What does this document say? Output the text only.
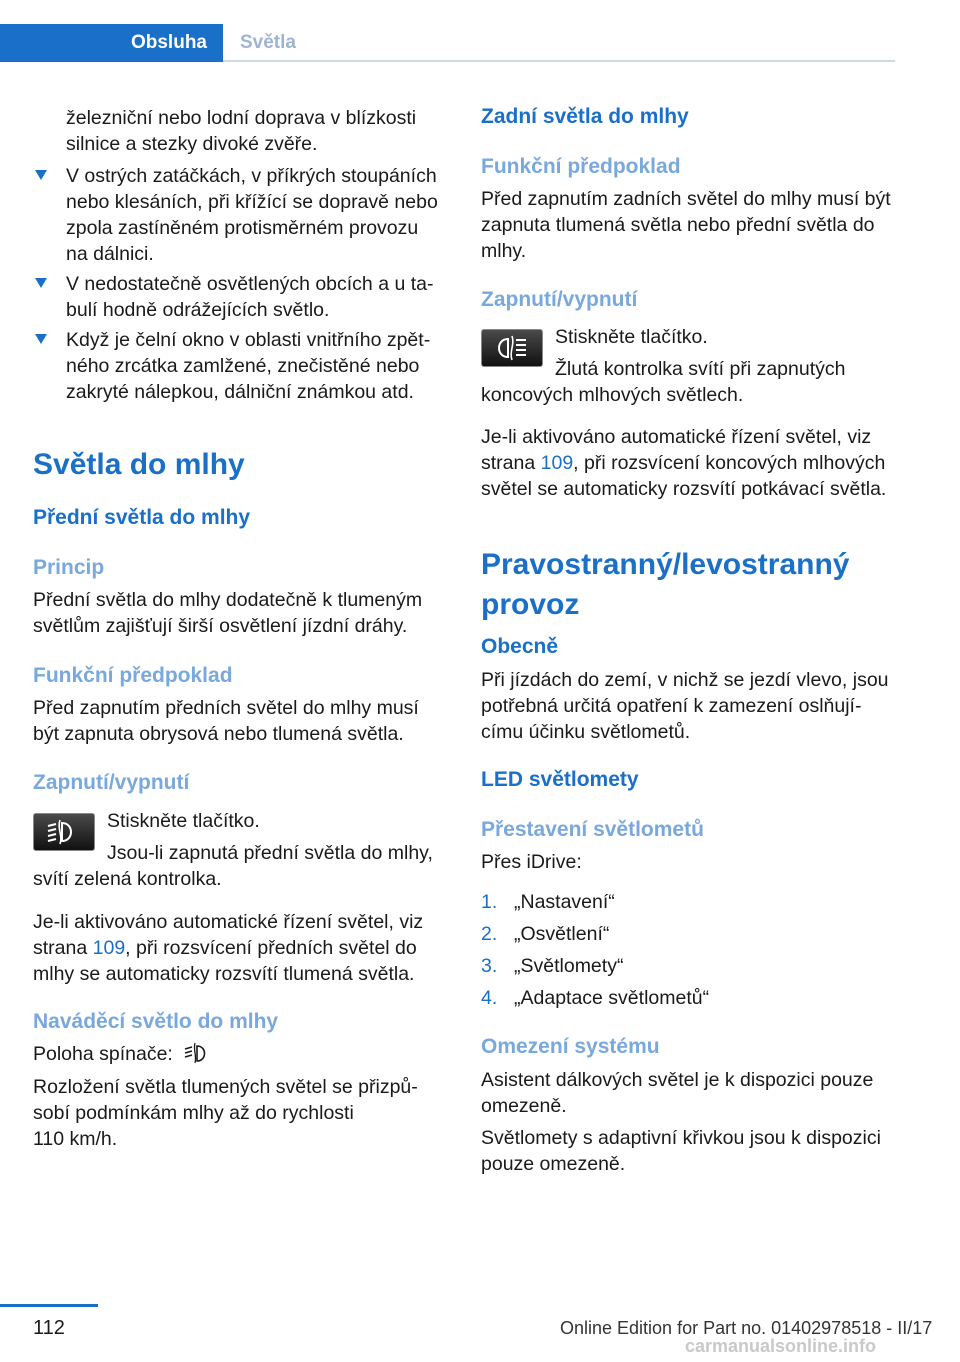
Obsluha	Světla

železniční nebo lodní doprava v blízkosti

silnice a stezky divoké zvěře.

V ostrých zatáčkách, v příkrých stoupáních

nebo klesáních, při křížící se dopravě nebo

zpola zastíněném protisměrném provozu

na dálnici.

V nedostatečně osvětlených obcích a u ta‐

bulí hodně odrážejících světlo.

Když je čelní okno v oblasti vnitřního zpět‐

ného zrcátka zamlžené, znečistěné nebo

zakryté nálepkou, dálniční známkou atd.

Světla do mlhy
Přední světla do mlhy
Princip

Přední světla do mlhy dodatečně k tlumeným

světlům zajišťují širší osvětlení jízdní dráhy.

Funkční předpoklad

Před zapnutím předních světel do mlhy musí

být zapnuta obrysová nebo tlumená světla.

Zapnutí/vypnutí

Stiskněte tlačítko.

Jsou-li zapnutá přední světla do mlhy,

svítí zelená kontrolka.

Je-li aktivováno automatické řízení světel, viz

strana 109, při rozsvícení předních světel do

mlhy se automaticky rozsvítí tlumená světla.

Naváděcí světlo do mlhy

Poloha spínače:

Rozložení světla tlumených světel se přizpů‐

sobí podmínkám mlhy až do rychlosti

110 km/h.

Zadní světla do mlhy
Funkční předpoklad

Před zapnutím zadních světel do mlhy musí být

zapnuta tlumená světla nebo přední světla do

mlhy.

Zapnutí/vypnutí

Stiskněte tlačítko.

Žlutá kontrolka svítí při zapnutých

koncových mlhových světlech.

Je-li aktivováno automatické řízení světel, viz

strana 109, při rozsvícení koncových mlhových

světel se automaticky rozsvítí potkávací světla.

Pravostranný/levostranný
provoz
Obecně

Při jízdách do zemí, v nichž se jezdí vlevo, jsou

potřebná určitá opatření k zamezení oslňují‐

címu účinku světlometů.

LED světlomety
Přestavení světlometů

Přes iDrive:

1. „Nastavení“
2. „Osvětlení“
3. „Světlomety“
4. „Adaptace světlometů“
Omezení systému

Asistent dálkových světel je k dispozici pouze

omezeně.

Světlomety s adaptivní křivkou jsou k dispozici

pouze omezeně.

112	Online Edition for Part no. 01402978518 - II/17
carmanualsonline.info
